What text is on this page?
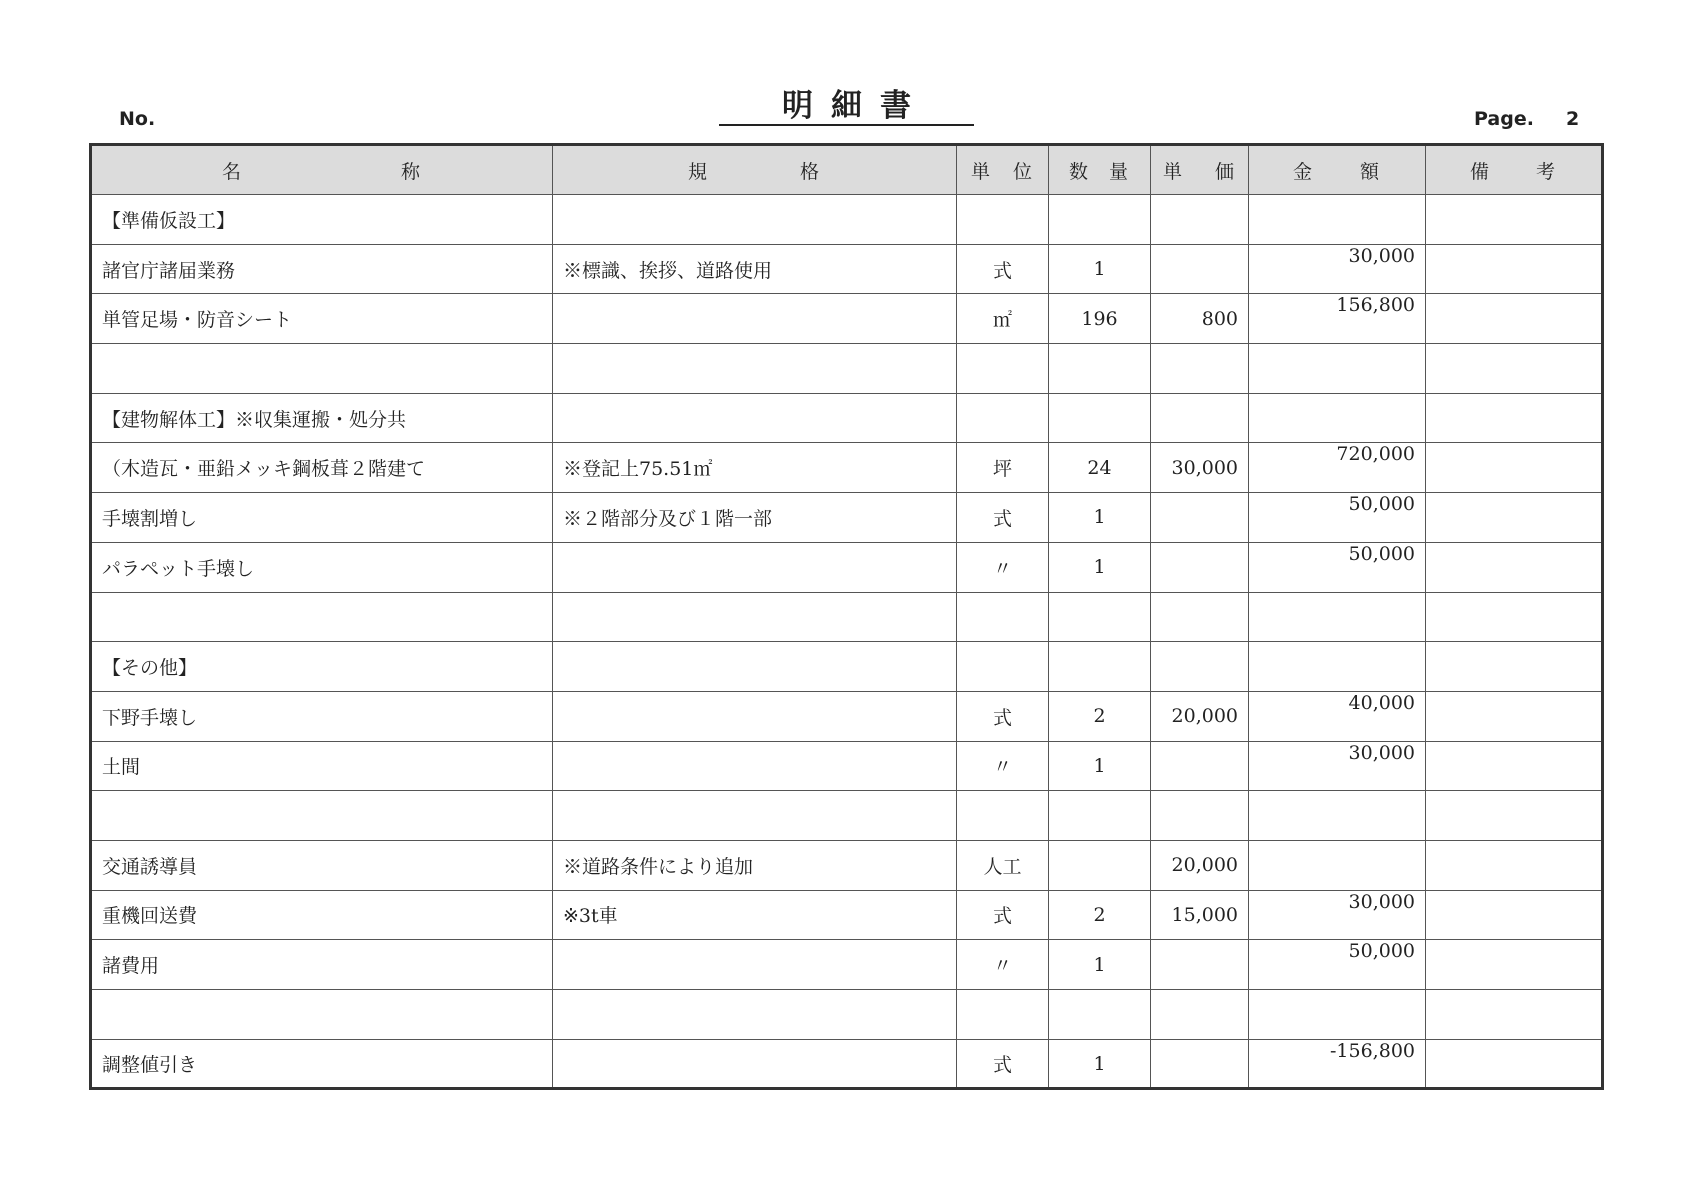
No.	明細書	Page. 2
名 称	規 格	単 位	数 量	単 価	金 額	備 考

【準備仮設工】						
諸官庁諸届業務	※標識、挨拶、道路使用	式	1		30,000	
単管足場・防音シート		㎡	196	800	156,800	

【建物解体工】※収集運搬・処分共						
（木造瓦・亜鉛メッキ鋼板葺２階建て	※登記上75.51㎡	坪	24	30,000	720,000	
手壊割増し	※２階部分及び１階一部	式	1		50,000	
パラペット手壊し		〃	1		50,000	

【その他】						
下野手壊し		式	2	20,000	40,000	
土間		〃	1		30,000	

交通誘導員	※道路条件により追加	人工		20,000		
重機回送費	※3t車	式	2	15,000	30,000	
諸費用		〃	1		50,000	

調整値引き		式	1		-156,800	
